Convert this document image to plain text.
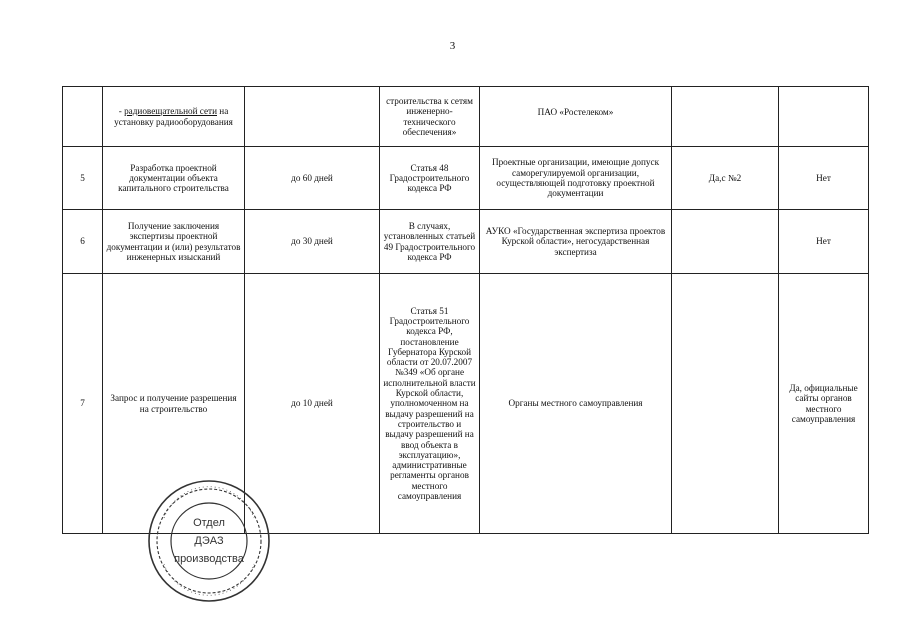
3
	- радиовещательной сети на установку радиооборудования		строительства к сетям инженерно-технического обеспечения»	ПАО «Ростелеком»		
5	Разработка проектной документации объекта капитального строительства	до 60 дней	Статья 48 Градостроительного кодекса РФ	Проектные организации, имеющие допуск саморегулируемой организации, осуществляющей подготовку проектной документации	Да,с №2	Нет
6	Получение заключения экспертизы проектной документации и (или) результатов инженерных изысканий	до 30 дней	В случаях, установленных статьей 49 Градостроительного кодекса РФ	АУКО «Государственная экспертиза проектов Курской области», негосударственная экспертиза		Нет
7	Запрос и получение разрешения на строительство	до 10 дней	Статья 51 Градостроительного кодекса РФ, постановление Губернатора Курской области от 20.07.2007 №349 «Об органе исполнительной власти Курской области, уполномоченном на выдачу разрешений на строительство и выдачу разрешений на ввод объекта в эксплуатацию», административные регламенты органов местного самоуправления	Органы местного самоуправления		Да, официальные сайты органов местного самоуправления
Отдел
ДЭАЗ
производства
